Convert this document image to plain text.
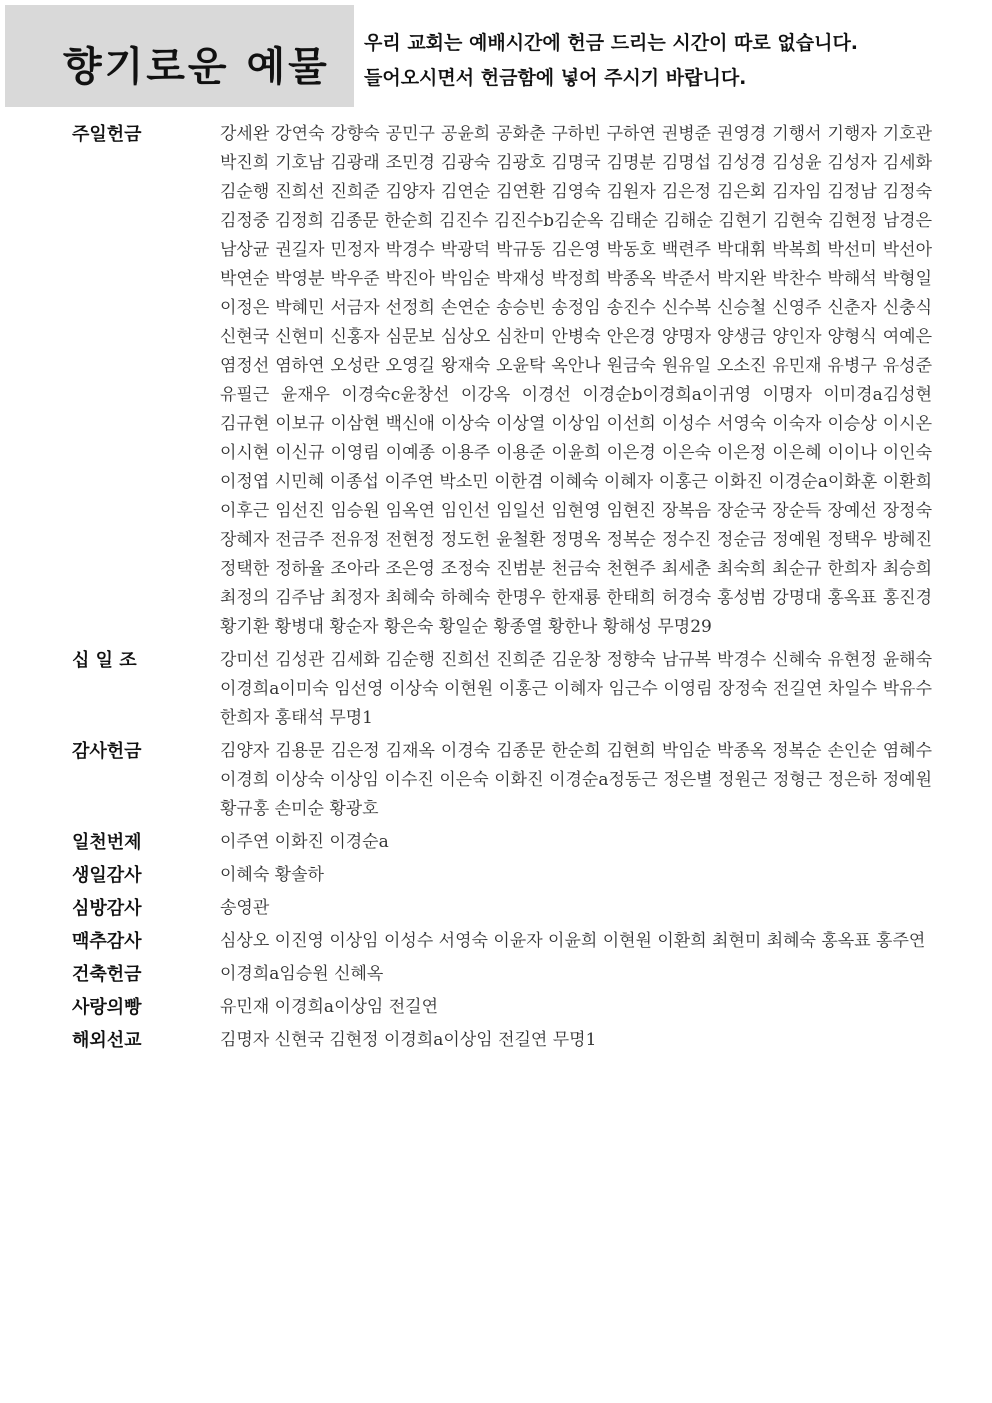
향기로운 예물
우리 교회는 예배시간에 헌금 드리는 시간이 따로 없습니다.
들어오시면서 헌금함에 넣어 주시기 바랍니다.
주일헌금	강세완 강연숙 강향숙 공민구 공윤희 공화춘 구하빈 구하연 권병준 권영경 기행서 기행자 기호관 박진희 기호남 김광래 조민경 김광숙 김광호 김명국 김명분 김명섭 김성경 김성윤 김성자 김세화 김순행 진희선 진희준 김양자 김연순 김연환 김영숙 김원자 김은정 김은회 김자임 김정남 김정숙 김정중 김정희 김종문 한순희 김진수 김진수b김순옥 김태순 김해순 김현기 김현숙 김현정 남경은 남상균 권길자 민정자 박경수 박광덕 박규동 김은영 박동호 백련주 박대휘 박복희 박선미 박선아 박연순 박영분 박우준 박진아 박임순 박재성 박정희 박종옥 박준서 박지완 박찬수 박해석 박형일 이정은 박혜민 서금자 선정희 손연순 송승빈 송정임 송진수 신수복 신승철 신영주 신춘자 신충식 신현국 신현미 신홍자 심문보 심상오 심찬미 안병숙 안은경 양명자 양생금 양인자 양형식 여예은 염정선 염하연 오성란 오영길 왕재숙 오윤탁 옥안나 원금숙 원유일 오소진 유민재 유병구 유성준 유필근 윤재우 이경숙c윤창선 이강옥 이경선 이경순b이경희a이귀영 이명자 이미경a김성현 김규현 이보규 이삼현 백신애 이상숙 이상열 이상임 이선희 이성수 서영숙 이숙자 이승상 이시온 이시현 이신규 이영림 이예종 이용주 이용준 이윤희 이은경 이은숙 이은정 이은혜 이이나 이인숙 이정엽 시민혜 이종섭 이주연 박소민 이한겸 이혜숙 이혜자 이홍근 이화진 이경순a이화훈 이환희 이후근 임선진 임승원 임옥연 임인선 임일선 임현영 임현진 장복음 장순국 장순득 장예선 장정숙 장혜자 전금주 전유정 전현정 정도헌 윤철환 정명옥 정복순 정수진 정순금 정예원 정택우 방혜진 정택한 정하율 조아라 조은영 조정숙 진범분 천금숙 천현주 최세춘 최숙희 최순규 한희자 최승희 최정의 김주남 최정자 최혜숙 하혜숙 한명우 한재룡 한태희 허경숙 홍성범 강명대 홍옥표 홍진경 황기환 황병대 황순자 황은숙 황일순 황종열 황한나 황해성 무명29
십 일 조	강미선 김성관 김세화 김순행 진희선 진희준 김운창 정향숙 남규복 박경수 신혜숙 유현정 윤해숙 이경희a이미숙 임선영 이상숙 이현원 이홍근 이혜자 임근수 이영림 장정숙 전길연 차일수 박유수 한희자 홍태석 무명1
감사헌금	김양자 김용문 김은정 김재옥 이경숙 김종문 한순희 김현희 박임순 박종옥 정복순 손인순 염혜수 이경희 이상숙 이상임 이수진 이은숙 이화진 이경순a정동근 정은별 정원근 정형근 정은하 정예원 황규홍 손미순 황광호
일천번제	이주연 이화진 이경순a
생일감사	이혜숙 황솔하
심방감사	송영관
맥추감사	심상오 이진영 이상임 이성수 서영숙 이윤자 이윤희 이현원 이환희 최현미 최혜숙 홍옥표 홍주연
건축헌금	이경희a임승원 신혜옥
사랑의빵	유민재 이경희a이상임 전길연
해외선교	김명자 신현국 김현정 이경희a이상임 전길연 무명1
